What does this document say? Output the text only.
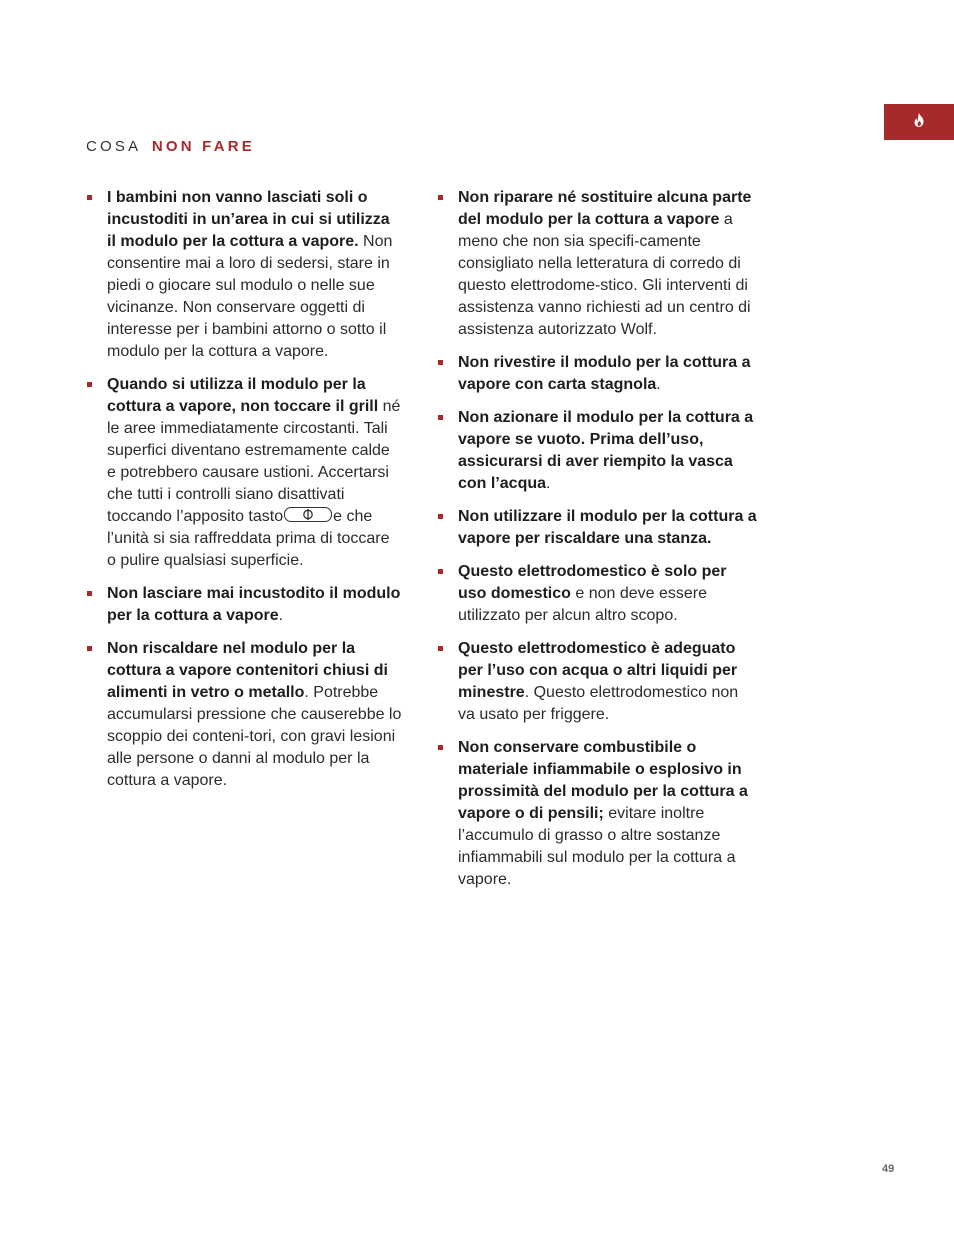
COSA NON FARE
I bambini non vanno lasciati soli o incustoditi in un’area in cui si utilizza il modulo per la cottura a vapore. Non consentire mai a loro di sedersi, stare in piedi o giocare sul modulo o nelle sue vicinanze. Non conservare oggetti di interesse per i bambini attorno o sotto il modulo per la cottura a vapore.
Quando si utilizza il modulo per la cottura a vapore, non toccare il grill né le aree immediatamente circostanti. Tali superfici diventano estremamente calde e potrebbero causare ustioni. Accertarsi che tutti i controlli siano disattivati toccando l’apposito tasto	e che l’unità si sia raffreddata prima di toccare o pulire qualsiasi superficie.
Non lasciare mai incustodito il modulo per la cottura a vapore.
Non riscaldare nel modulo per la cottura a vapore contenitori chiusi di alimenti in vetro o metallo. Potrebbe accumularsi pressione che causerebbe lo scoppio dei conteni-tori, con gravi lesioni alle persone o danni al modulo per la cottura a vapore.
Non riparare né sostituire alcuna parte del modulo per la cottura a vapore a meno che non sia specifi-camente consigliato nella letteratura di corredo di questo elettrodome-stico. Gli interventi di assistenza vanno richiesti ad un centro di assistenza autorizzato Wolf.
Non rivestire il modulo per la cottura a vapore con carta stagnola.
Non azionare il modulo per la cottura a vapore se vuoto. Prima dell’uso, assicurarsi di aver riempito la vasca con l’acqua.
Non utilizzare il modulo per la cottura a vapore per riscaldare una stanza.
Questo elettrodomestico è solo per uso domestico e non deve essere utilizzato per alcun altro scopo.
Questo elettrodomestico è adeguato per l’uso con acqua o altri liquidi per minestre. Questo elettrodomestico non va usato per friggere.
Non conservare combustibile o materiale infiammabile o esplosivo in prossimità del modulo per la cottura a vapore o di pensili; evitare inoltre l’accumulo di grasso o altre sostanze infiammabili sul modulo per la cottura a vapore.
49
